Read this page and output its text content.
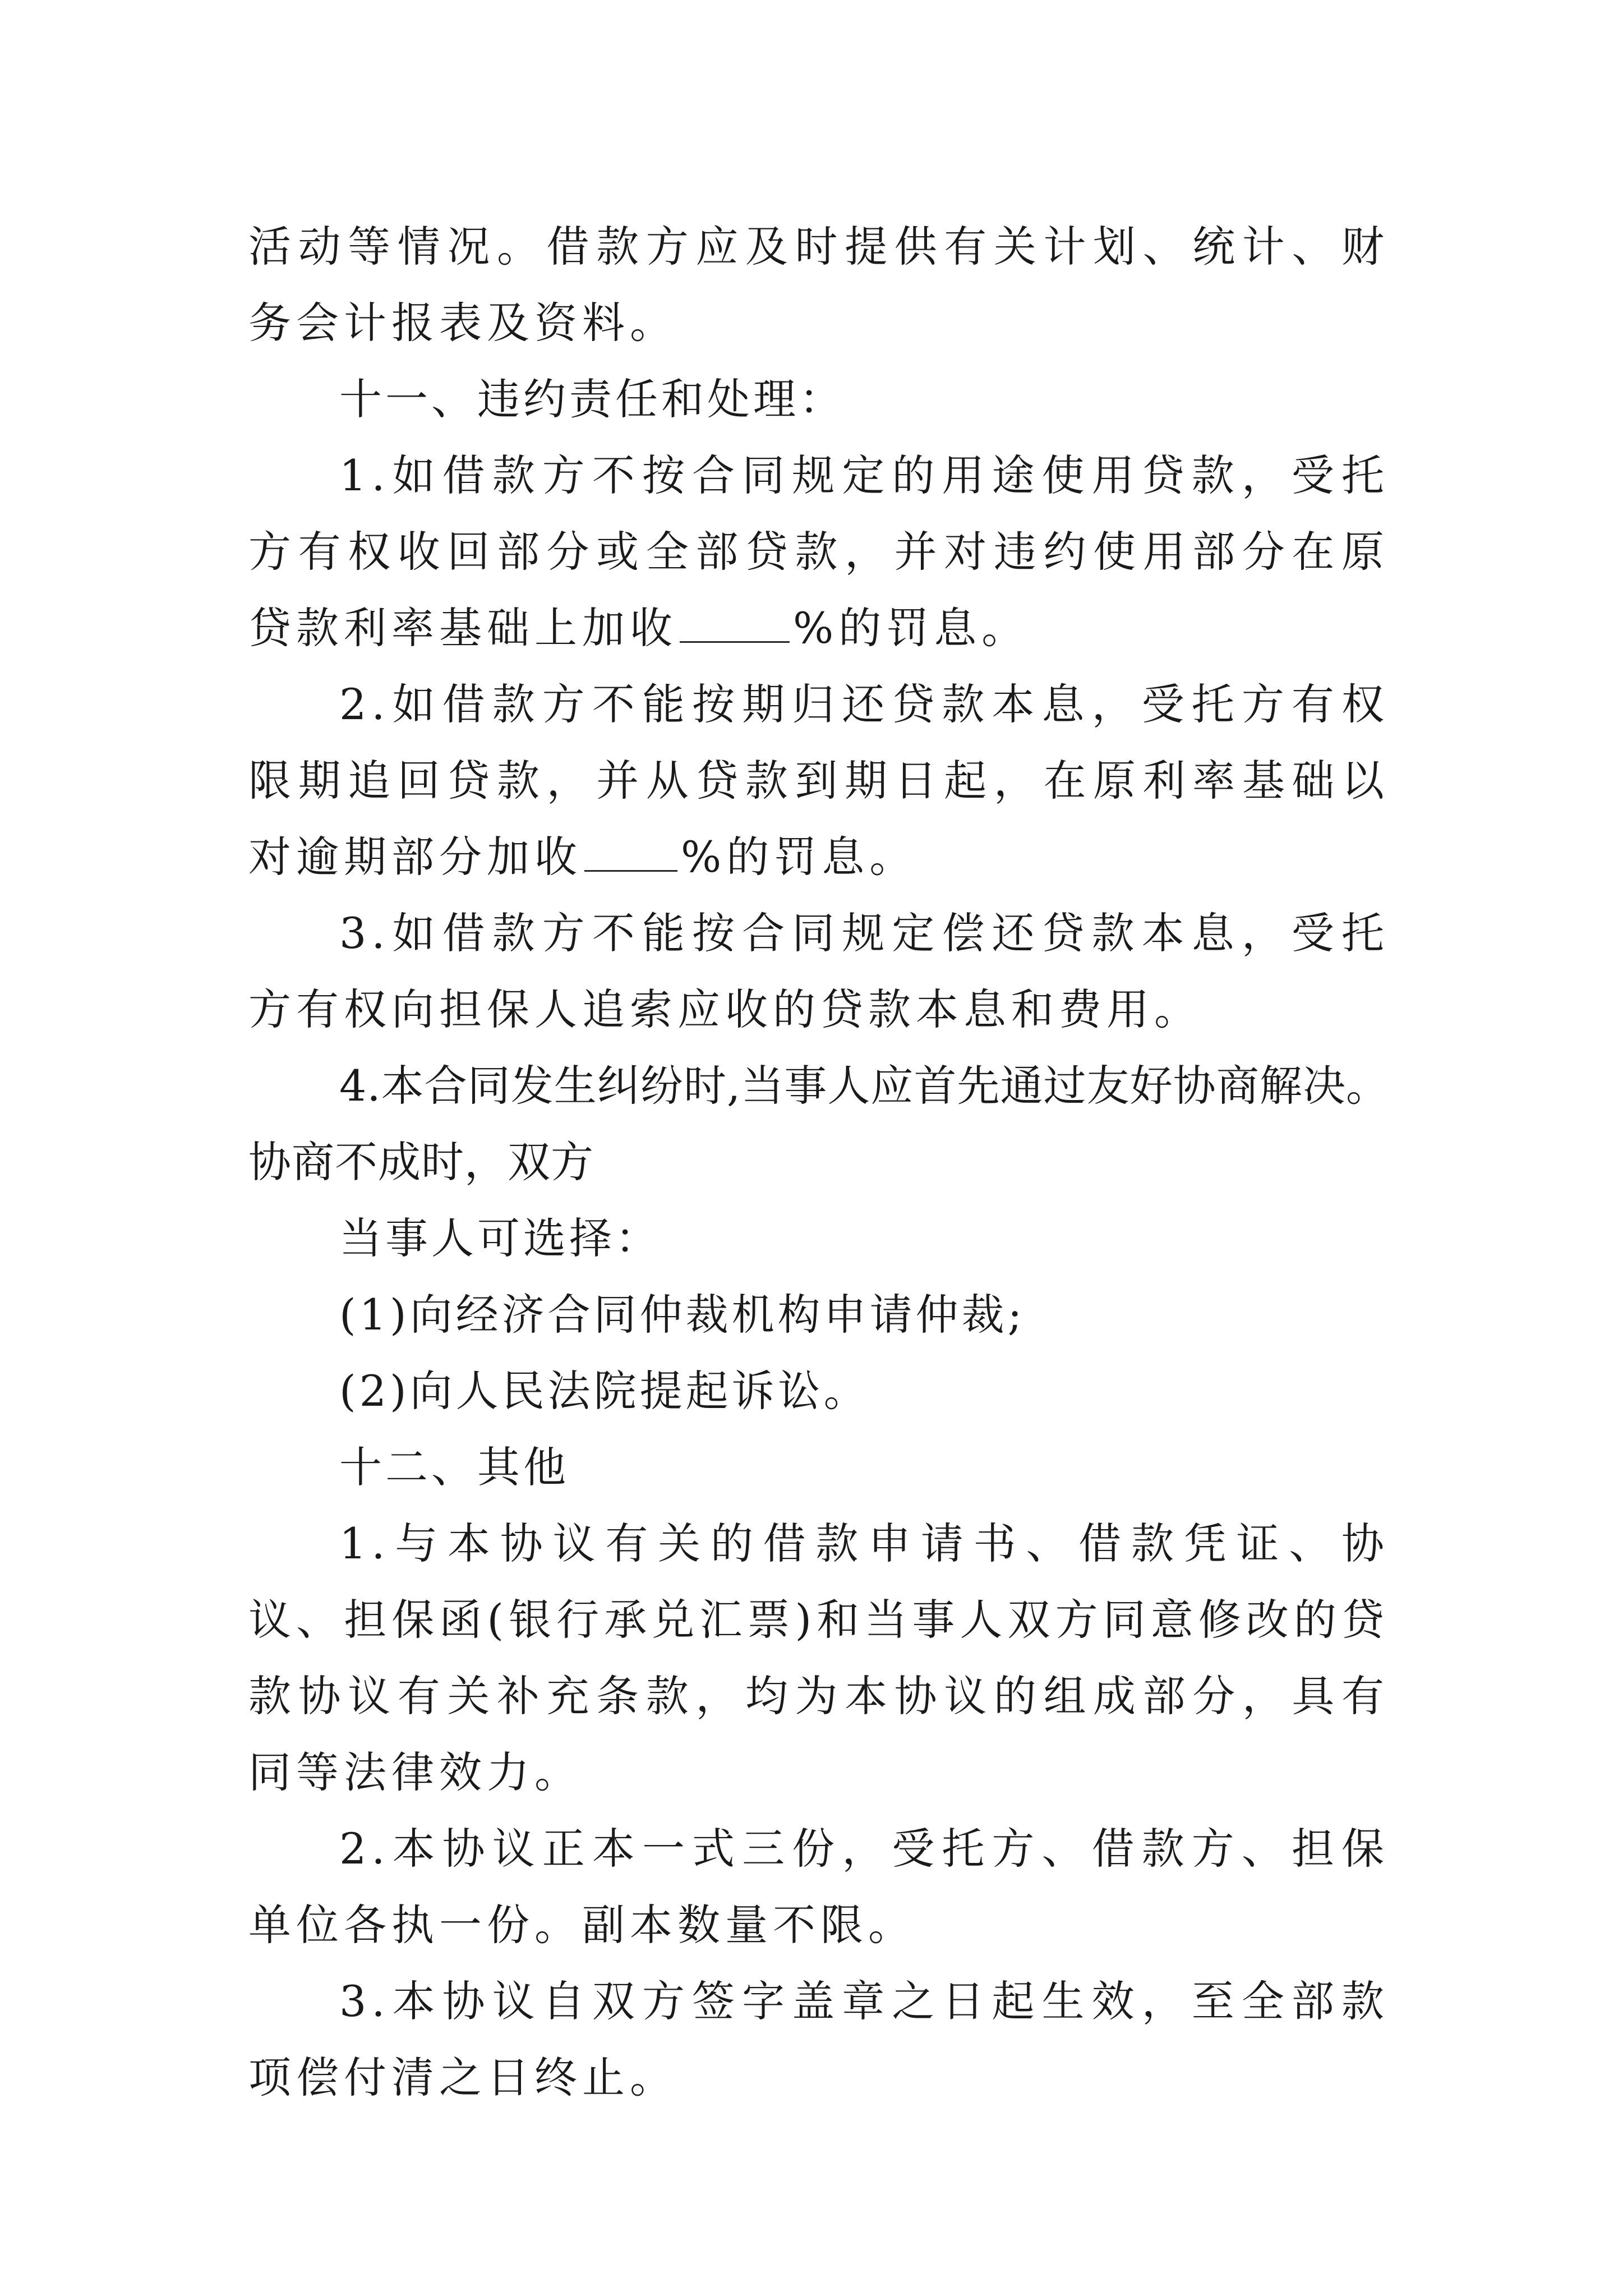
活动等情况。借款方应及时提供有关计划、统计、财务会计报表及资料。

十一、违约责任和处理：

1.如借款方不按合同规定的用途使用贷款，受托方有权收回部分或全部贷款，并对违约使用部分在原贷款利率基础上加收	%的罚息。

2.如借款方不能按期归还贷款本息，受托方有权限期追回贷款，并从贷款到期日起，在原利率基础以对逾期部分加收 %的罚息。

3.如借款方不能按合同规定偿还贷款本息，受托方有权向担保人追索应收的贷款本息和费用。

4.本合同发生纠纷时,当事人应首先通过友好协商解决。协商不成时，双方

当事人可选择：

(1)向经济合同仲裁机构申请仲裁;

(2)向人民法院提起诉讼。

十二、其他

1.与本协议有关的借款申请书、借款凭证、协议、担保函(银行承兑汇票)和当事人双方同意修改的贷款协议有关补充条款，均为本协议的组成部分，具有同等法律效力。

2.本协议正本一式三份，受托方、借款方、担保单位各执一份。副本数量不限。

3.本协议自双方签字盖章之日起生效，至全部款项偿付清之日终止。
